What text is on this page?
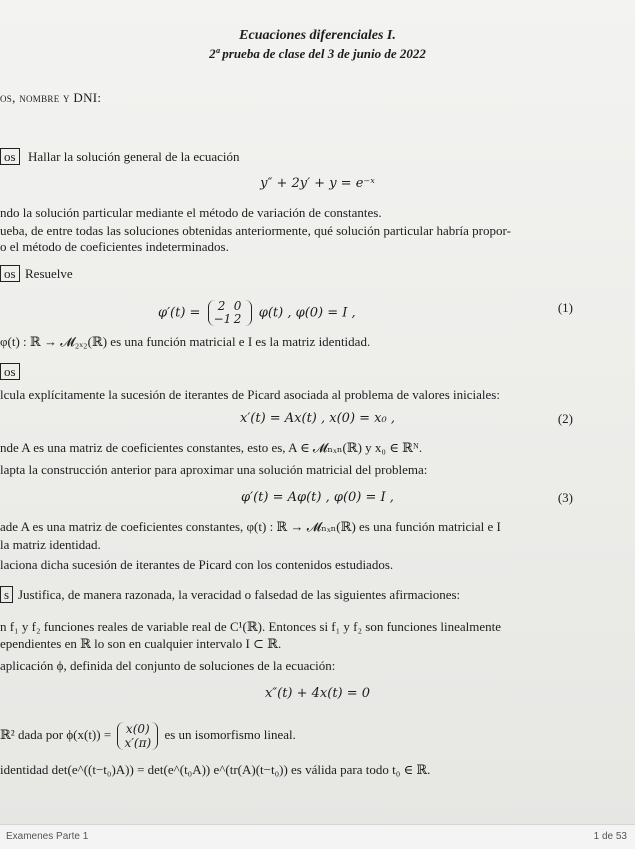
Ecuaciones diferenciales I.
2ª prueba de clase del 3 de junio de 2022
os, nombre y DNI:
os Hallar la solución general de la ecuación
y″ + 2y′ + y = e⁻ˣ
ndo la solución particular mediante el método de variación de constantes.
ueba, de entre todas las soluciones obtenidas anteriormente, qué solución particular habría propor-
o el método de coeficientes indeterminados.
os Resuelve
φ′(t) = 2 0
−1 2 φ(t) , φ(0) = I ,	(1)
φ(t) : ℝ → 𝓜₂ₓ₂(ℝ) es una función matricial e I es la matriz identidad.
os
lcula explícitamente la sucesión de iterantes de Picard asociada al problema de valores iniciales:
x′(t) = Ax(t) , x(0) = x₀ ,	(2)
nde A es una matriz de coeficientes constantes, esto es, A ∈ 𝓜ₙₓₙ(ℝ) y x₀ ∈ ℝᴺ.
lapta la construcción anterior para aproximar una solución matricial del problema:
φ′(t) = Aφ(t) , φ(0) = I ,	(3)
ade A es una matriz de coeficientes constantes, φ(t) : ℝ → 𝓜ₙₓₙ(ℝ) es una función matricial e I
la matriz identidad.
laciona dicha sucesión de iterantes de Picard con los contenidos estudiados.
s Justifica, de manera razonada, la veracidad o falsedad de las siguientes afirmaciones:
n f₁ y f₂ funciones reales de variable real de C¹(ℝ). Entonces si f₁ y f₂ son funciones linealmente
ependientes en ℝ lo son en cualquier intervalo I ⊂ ℝ.
aplicación ϕ, definida del conjunto de soluciones de la ecuación:
x″(t) + 4x(t) = 0
ℝ² dada por ϕ(x(t)) = x(0)
x′(π) es un isomorfismo lineal.
identidad det(e^((t−t₀)A)) = det(e^(t₀A)) e^(tr(A)(t−t₀)) es válida para todo t₀ ∈ ℝ.
Examenes Parte 1	1 de 53
